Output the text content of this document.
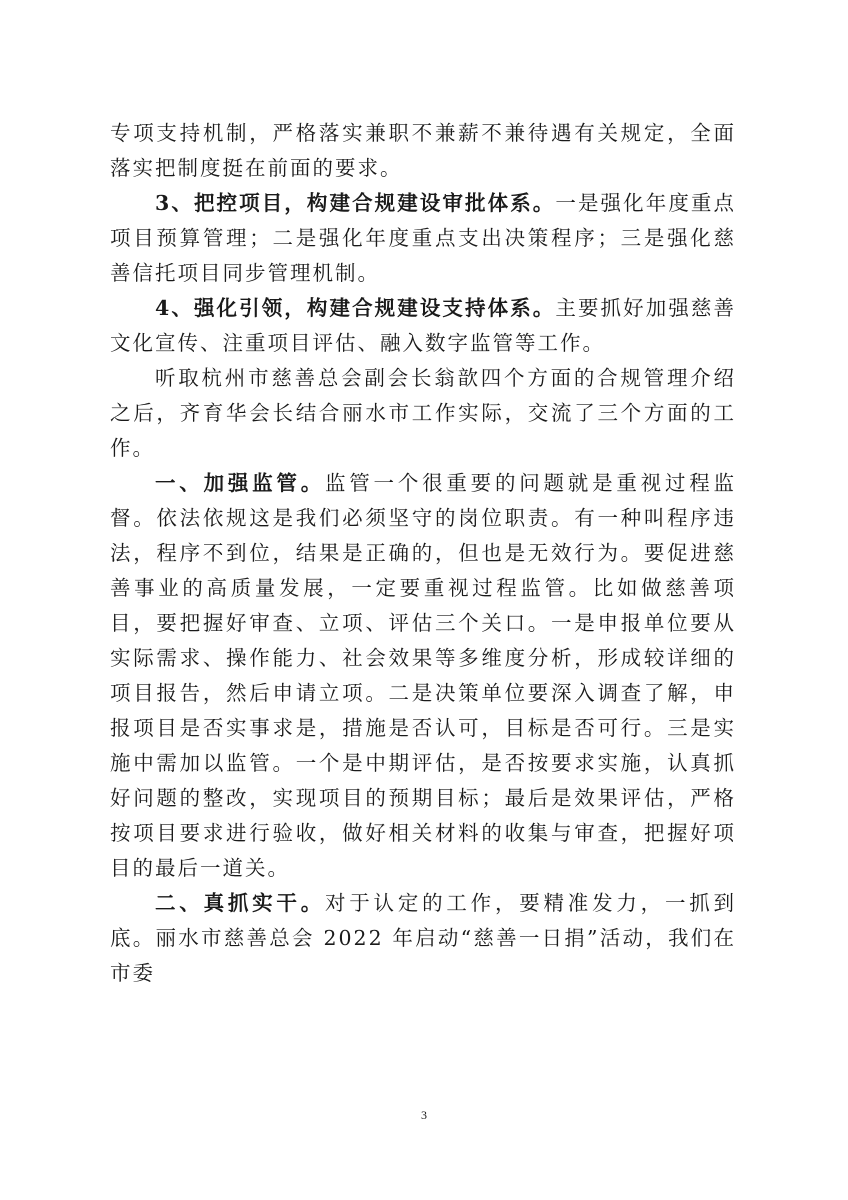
专项支持机制，严格落实兼职不兼薪不兼待遇有关规定，全面落实把制度挺在前面的要求。

3、把控项目，构建合规建设审批体系。一是强化年度重点项目预算管理；二是强化年度重点支出决策程序；三是强化慈善信托项目同步管理机制。

4、强化引领，构建合规建设支持体系。主要抓好加强慈善文化宣传、注重项目评估、融入数字监管等工作。

听取杭州市慈善总会副会长翁歆四个方面的合规管理介绍之后，齐育华会长结合丽水市工作实际，交流了三个方面的工作。

一、加强监管。监管一个很重要的问题就是重视过程监督。依法依规这是我们必须坚守的岗位职责。有一种叫程序违法，程序不到位，结果是正确的，但也是无效行为。要促进慈善事业的高质量发展，一定要重视过程监管。比如做慈善项目，要把握好审查、立项、评估三个关口。一是申报单位要从实际需求、操作能力、社会效果等多维度分析，形成较详细的项目报告，然后申请立项。二是决策单位要深入调查了解，申报项目是否实事求是，措施是否认可，目标是否可行。三是实施中需加以监管。一个是中期评估，是否按要求实施，认真抓好问题的整改，实现项目的预期目标；最后是效果评估，严格按项目要求进行验收，做好相关材料的收集与审查，把握好项目的最后一道关。

二、真抓实干。对于认定的工作，要精准发力，一抓到底。丽水市慈善总会 2022 年启动“慈善一日捐”活动，我们在市委

3
